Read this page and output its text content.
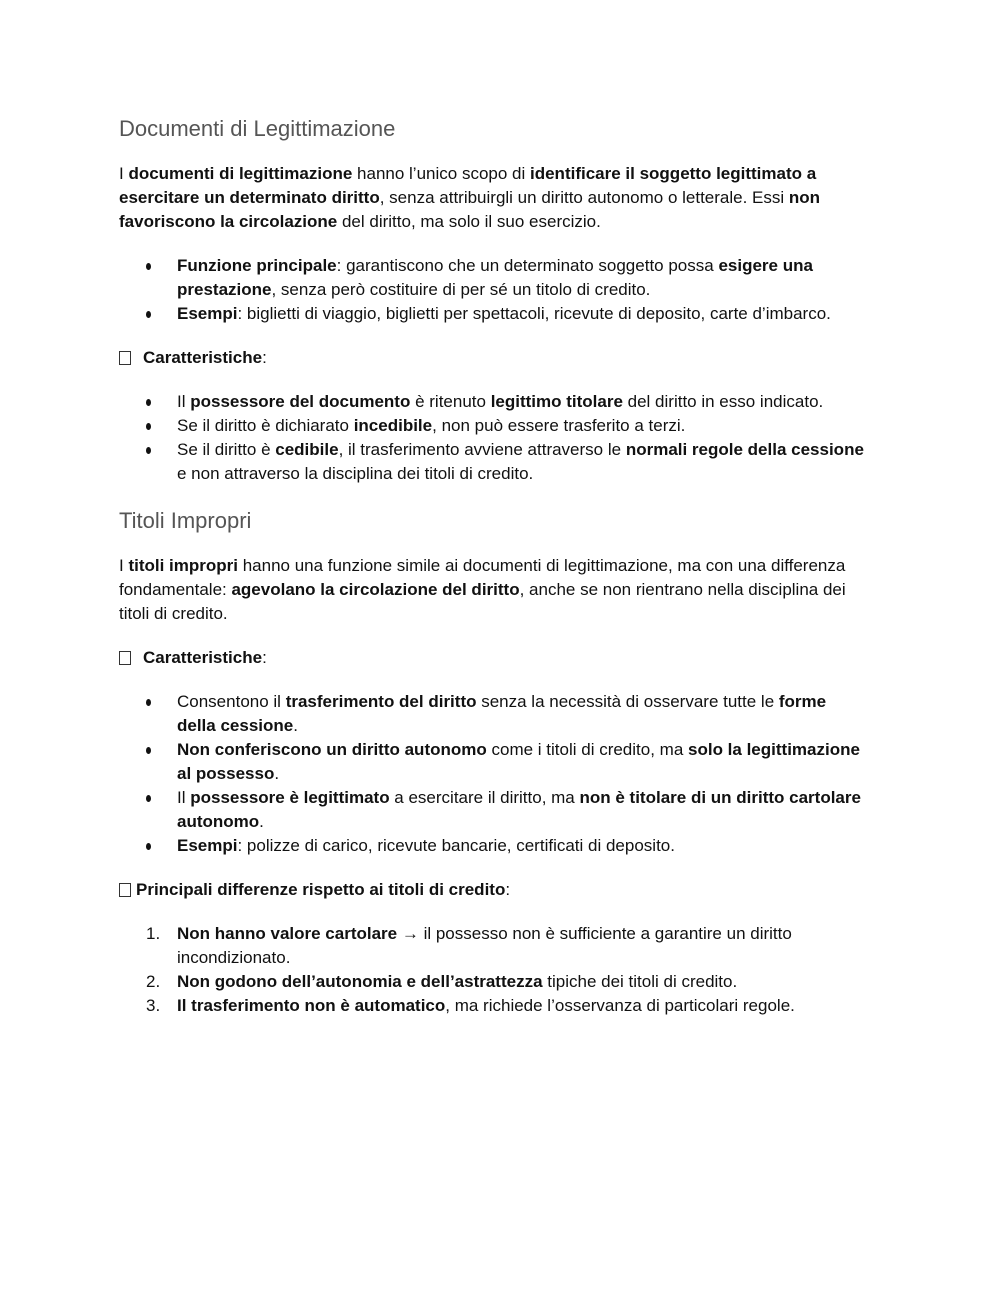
Documenti di Legittimazione

I documenti di legittimazione hanno l’unico scopo di identificare il soggetto legittimato a esercitare un determinato diritto, senza attribuirgli un diritto autonomo o letterale. Essi non favoriscono la circolazione del diritto, ma solo il suo esercizio.

Funzione principale: garantiscono che un determinato soggetto possa esigere una prestazione, senza però costituire di per sé un titolo di credito.
Esempi: biglietti di viaggio, biglietti per spettacoli, ricevute di deposito, carte d’imbarco.
Caratteristiche:
Il possessore del documento è ritenuto legittimo titolare del diritto in esso indicato.
Se il diritto è dichiarato incedibile, non può essere trasferito a terzi.
Se il diritto è cedibile, il trasferimento avviene attraverso le normali regole della cessione e non attraverso la disciplina dei titoli di credito.
Titoli Impropri

I titoli impropri hanno una funzione simile ai documenti di legittimazione, ma con una differenza fondamentale: agevolano la circolazione del diritto, anche se non rientrano nella disciplina dei titoli di credito.

Caratteristiche:
Consentono il trasferimento del diritto senza la necessità di osservare tutte le forme della cessione.
Non conferiscono un diritto autonomo come i titoli di credito, ma solo la legittimazione al possesso.
Il possessore è legittimato a esercitare il diritto, ma non è titolare di un diritto cartolare autonomo.
Esempi: polizze di carico, ricevute bancarie, certificati di deposito.
Principali differenze rispetto ai titoli di credito:
1. Non hanno valore cartolare → il possesso non è sufficiente a garantire un diritto incondizionato.
2. Non godono dell’autonomia e dell’astrattezza tipiche dei titoli di credito.
3. Il trasferimento non è automatico, ma richiede l’osservanza di particolari regole.
